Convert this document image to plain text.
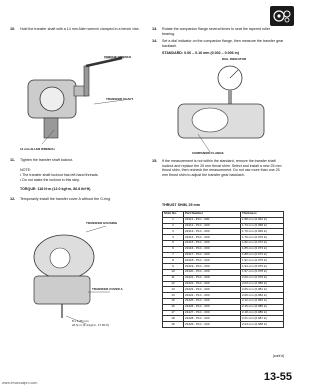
10. Hold the transfer shaft with a 14 mm Allen wrench clamped in a bench vise.
TORQUE WRENCH
TRANSFER SHAFT
14 mm ALLEN WRENCH
11. Tighten the transfer shaft locknut.
NOTE:
• The transfer shaft locknut has left-hand threads.
• Do not stake the locknut in this step.
TORQUE: 118 N·m (12.0 kgf·m, 86.8 lbf·ft)
12. Temporarily install the transfer cover A without the O-ring.
TRANSFER HOUSING
TRANSFER COVER A
8 x 1.25 mm
24 N·m (2.4 kgf·m, 17 lbf·ft)
13. Rotate the companion flange several times to seat the tapered roller bearing.
14. Set a dial indicator on the companion flange, then measure the transfer gear backlash.
STANDARD: 0.06 – 0.16 mm (0.002 – 0.006 in)
DIAL INDICATOR
COMPANION FLANGE
15. If the measurement is not within the standard, remove the transfer shaft locknut and replace the 25 mm thrust shim. Select and install a new 25 mm thrust shim, then recheck the measurement. Do not use more than one 25 mm thrust shim to adjust the transfer gear backlash.
THRUST SHIM, 25 mm
Shim No.	Part Number	Thickness
1	23411 - P1C - 000	1.58 mm (0.062 in)
2	23412 - P1C - 000	1.73 mm (0.068 in)
3	23413 - P1C - 000	1.76 mm (0.069 in)
4	23414 - P1C - 000	1.79 mm (0.070 in)
5	23415 - P1C - 000	1.82 mm (0.072 in)
6	23416 - P1C - 000	1.85 mm (0.073 in)
7	23417 - P1C - 000	1.88 mm (0.074 in)
8	23418 - P1C - 000	1.91 mm (0.075 in)
9	23419 - P1C - 000	1.94 mm (0.076 in)
10	23420 - P1C - 000	1.97 mm (0.078 in)
11	23421 - P1C - 000	2.00 mm (0.079 in)
12	23422 - P1C - 000	2.03 mm (0.080 in)
13	23423 - P1C - 000	2.06 mm (0.081 in)
14	23424 - P1C - 000	2.09 mm (0.082 in)
15	23425 - P1C - 000	2.12 mm (0.083 in)
16	23426 - P1C - 000	2.15 mm (0.085 in)
17	23427 - P1C - 000	2.18 mm (0.086 in)
18	23428 - P1C - 000	2.21 mm (0.087 in)
19	23429 - P1C - 000	2.24 mm (0.088 in)
(cont'd)
13-55
www.emanualpro.com
